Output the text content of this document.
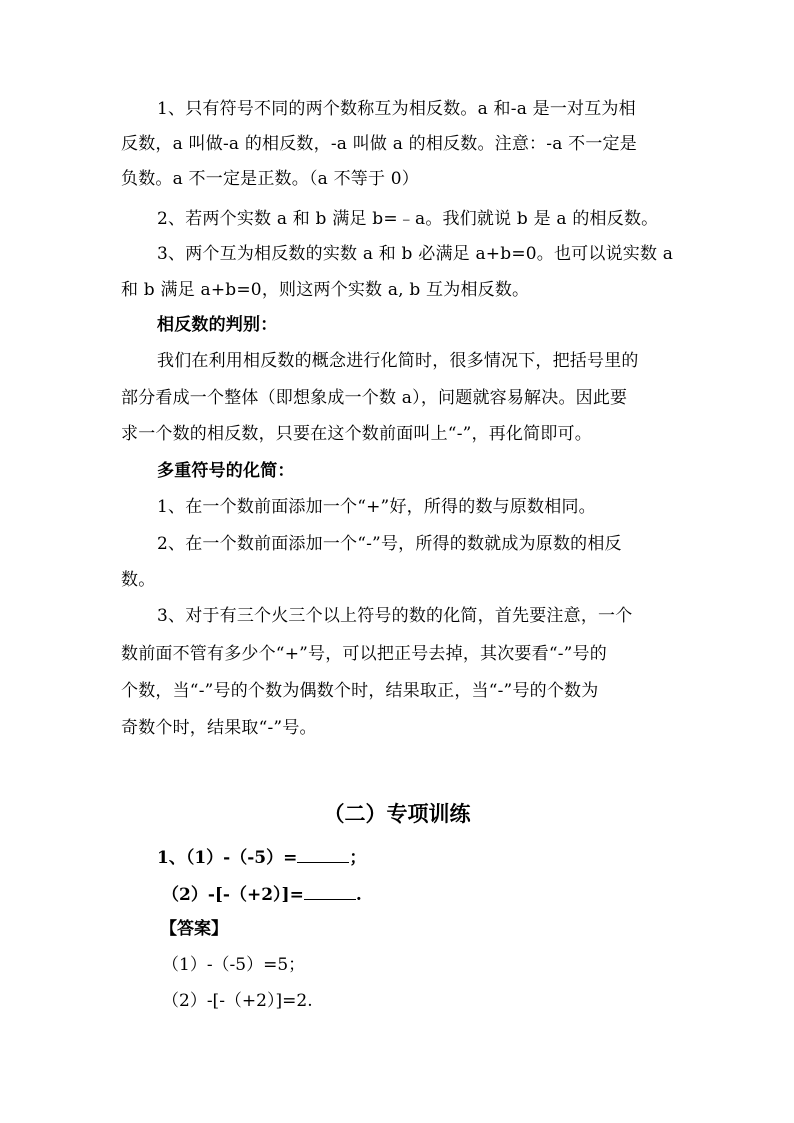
1、只有符号不同的两个数称互为相反数。a 和-a 是一对互为相
反数，a 叫做-a 的相反数，-a 叫做 a 的相反数。注意：-a 不一定是
负数。a 不一定是正数。（a 不等于 0）
2、若两个实数 a 和 b 满足 b=﹣a。我们就说 b 是 a 的相反数。
3、两个互为相反数的实数 a 和 b 必满足 a+b=0。也可以说实数 a
和 b 满足 a+b=0，则这两个实数 a, b 互为相反数。
相反数的判别：
我们在利用相反数的概念进行化简时，很多情况下，把括号里的
部分看成一个整体（即想象成一个数 a），问题就容易解决。因此要
求一个数的相反数，只要在这个数前面叫上“-”，再化简即可。
多重符号的化简：
1、在一个数前面添加一个“+”好，所得的数与原数相同。
2、在一个数前面添加一个“-”号，所得的数就成为原数的相反
数。
3、对于有三个火三个以上符号的数的化简，首先要注意，一个
数前面不管有多少个“+”号，可以把正号去掉，其次要看“-”号的
个数，当“-”号的个数为偶数个时，结果取正，当“-”号的个数为
奇数个时，结果取“-”号。
（二）专项训练
1、（1）-（-5）=	；
（2）-[-（+2）]=	.
【答案】
（1）-（-5）=5；
（2）-[-（+2）]=2.
